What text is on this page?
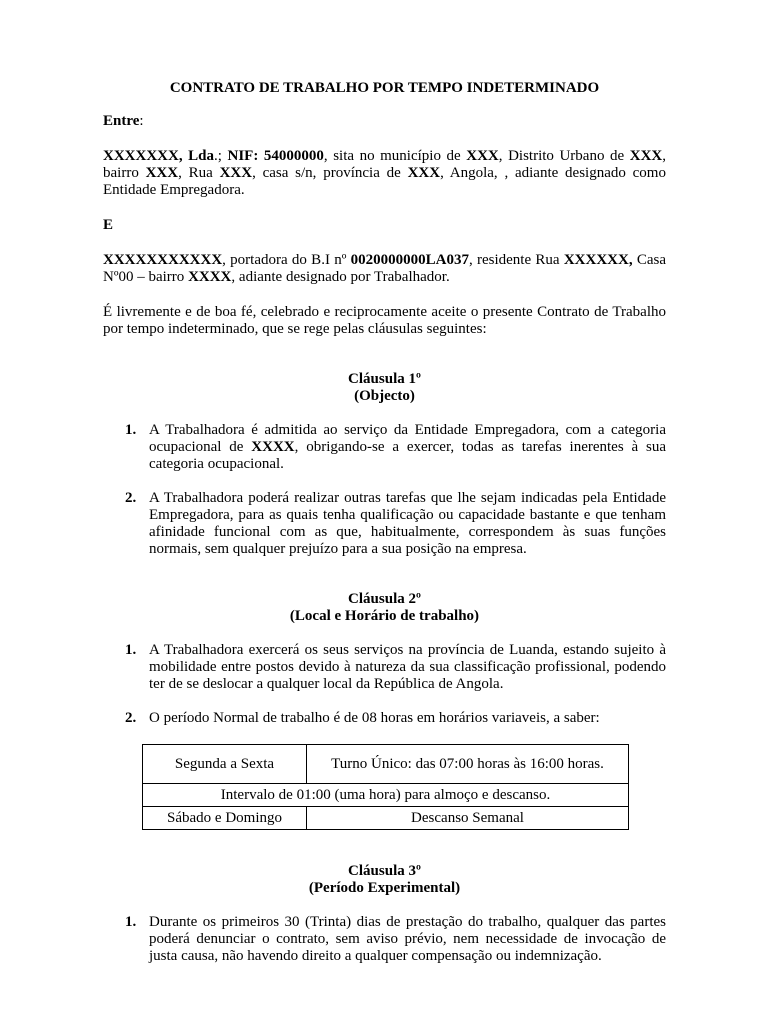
CONTRATO DE TRABALHO POR TEMPO INDETERMINADO

Entre:

XXXXXXX, Lda.; NIF: 54000000, sita no município de XXX, Distrito Urbano de XXX, bairro XXX, Rua XXX, casa s/n, província de XXX, Angola, , adiante designado como Entidade Empregadora.

E

XXXXXXXXXXX, portadora do B.I nº 0020000000LA037, residente Rua XXXXXX, Casa Nº00 – bairro XXXX, adiante designado por Trabalhador.

É livremente e de boa fé, celebrado e reciprocamente aceite o presente Contrato de Trabalho por tempo indeterminado, que se rege pelas cláusulas seguintes:

Cláusula 1º
(Objecto)
1. A Trabalhadora é admitida ao serviço da Entidade Empregadora, com a categoria ocupacional de XXXX, obrigando-se a exercer, todas as tarefas inerentes à sua categoria ocupacional.
2. A Trabalhadora poderá realizar outras tarefas que lhe sejam indicadas pela Entidade Empregadora, para as quais tenha qualificação ou capacidade bastante e que tenham afinidade funcional com as que, habitualmente, correspondem às suas funções normais, sem qualquer prejuízo para a sua posição na empresa.
Cláusula 2º
(Local e Horário de trabalho)
1. A Trabalhadora exercerá os seus serviços na província de Luanda, estando sujeito à mobilidade entre postos devido à natureza da sua classificação profissional, podendo ter de se deslocar a qualquer local da República de Angola.
2. O período Normal de trabalho é de 08 horas em horários variaveis, a saber:
Segunda a Sexta	Turno Único: das 07:00 horas às 16:00 horas.
Intervalo de 01:00 (uma hora) para almoço e descanso.	
Sábado e Domingo	Descanso Semanal
Cláusula 3º
(Período Experimental)
1. Durante os primeiros 30 (Trinta) dias de prestação do trabalho, qualquer das partes poderá denunciar o contrato, sem aviso prévio, nem necessidade de invocação de justa causa, não havendo direito a qualquer compensação ou indemnização.
